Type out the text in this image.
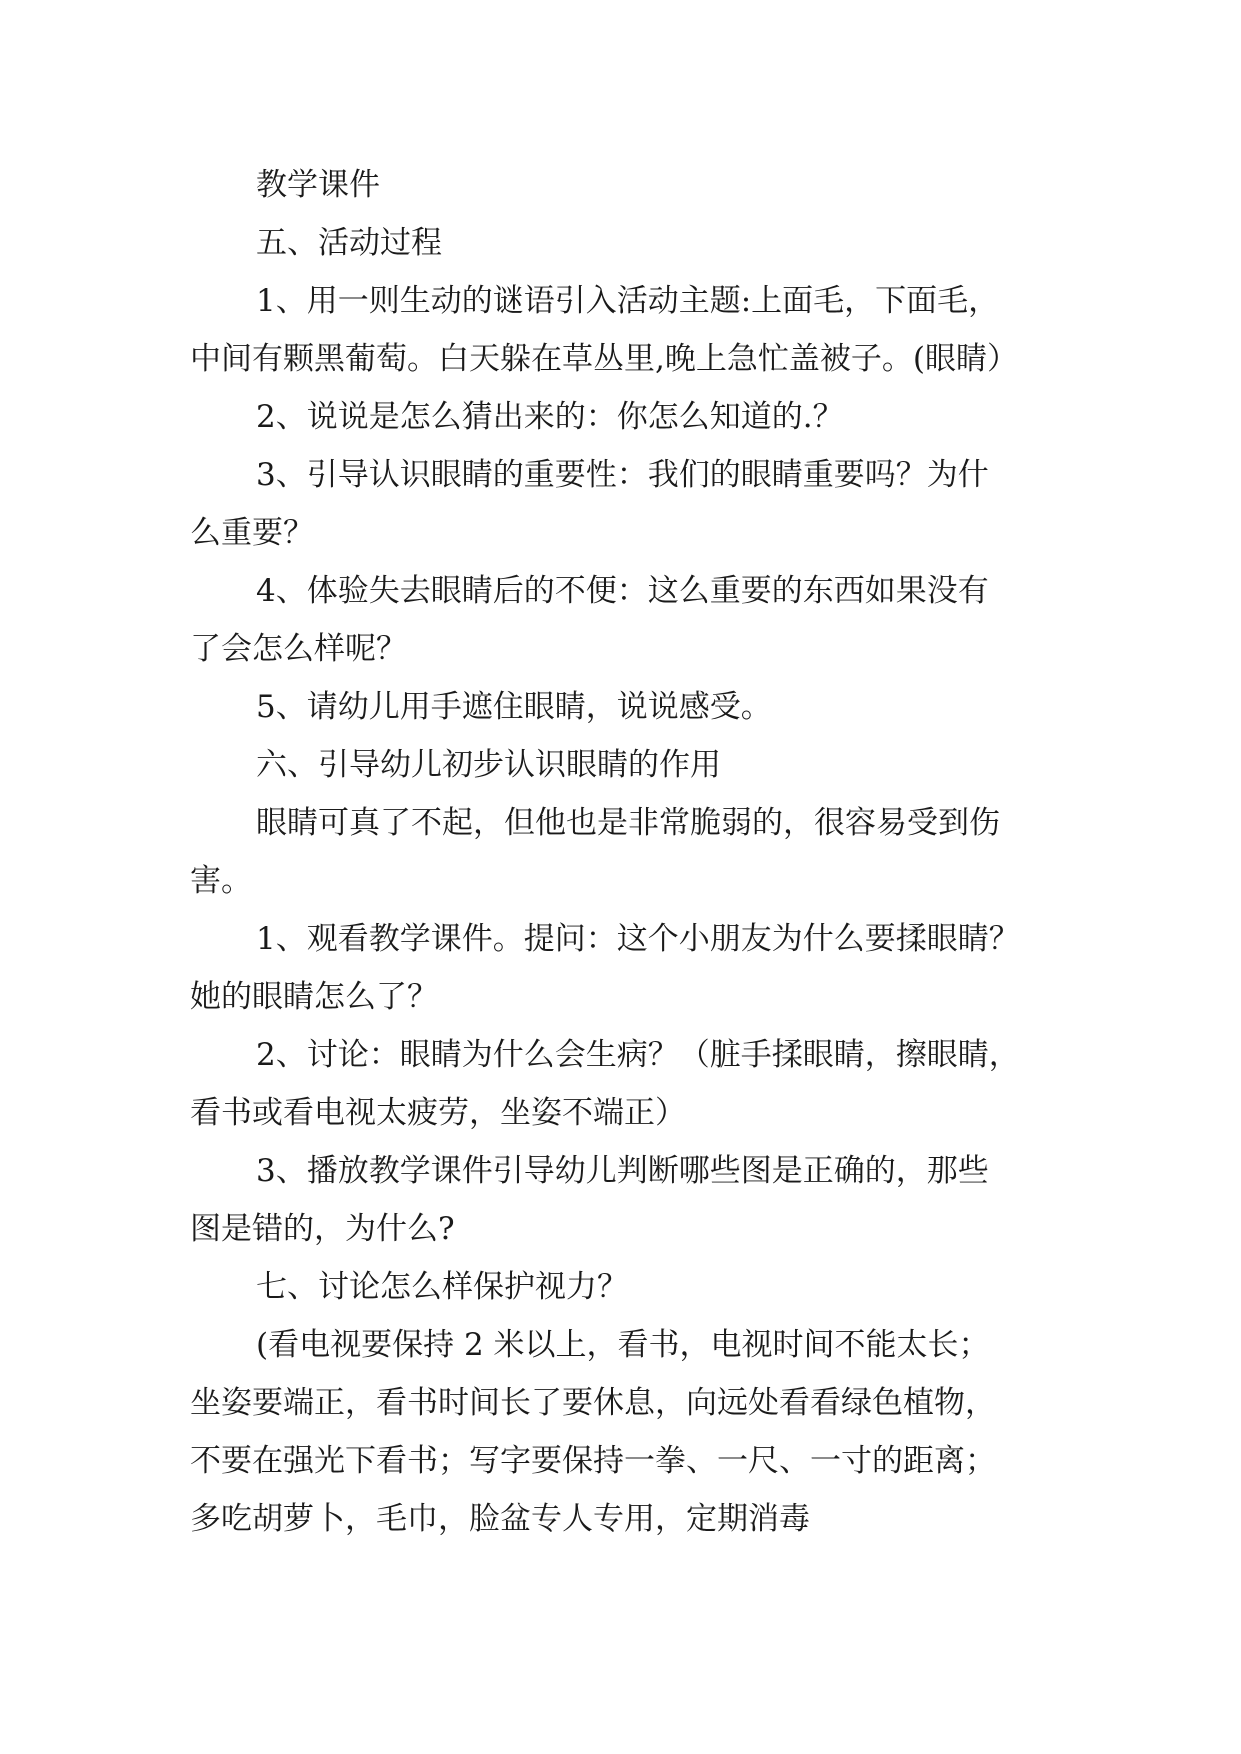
教学课件
五、活动过程
1、用一则生动的谜语引入活动主题:上面毛，下面毛，
中间有颗黑葡萄。白天躲在草丛里,晚上急忙盖被子。(眼睛）
2、说说是怎么猜出来的：你怎么知道的.？
3、引导认识眼睛的重要性：我们的眼睛重要吗？为什
么重要？
4、体验失去眼睛后的不便：这么重要的东西如果没有
了会怎么样呢？
5、请幼儿用手遮住眼睛，说说感受。
六、引导幼儿初步认识眼睛的作用
眼睛可真了不起，但他也是非常脆弱的，很容易受到伤
害。
1、观看教学课件。提问：这个小朋友为什么要揉眼睛？
她的眼睛怎么了？
2、讨论：眼睛为什么会生病？（脏手揉眼睛，擦眼睛，
看书或看电视太疲劳，坐姿不端正）
3、播放教学课件引导幼儿判断哪些图是正确的，那些
图是错的，为什么?
七、讨论怎么样保护视力？
(看电视要保持 2 米以上，看书，电视时间不能太长；
坐姿要端正，看书时间长了要休息，向远处看看绿色植物，
不要在强光下看书；写字要保持一拳、一尺、一寸的距离；
多吃胡萝卜，毛巾，脸盆专人专用，定期消毒
